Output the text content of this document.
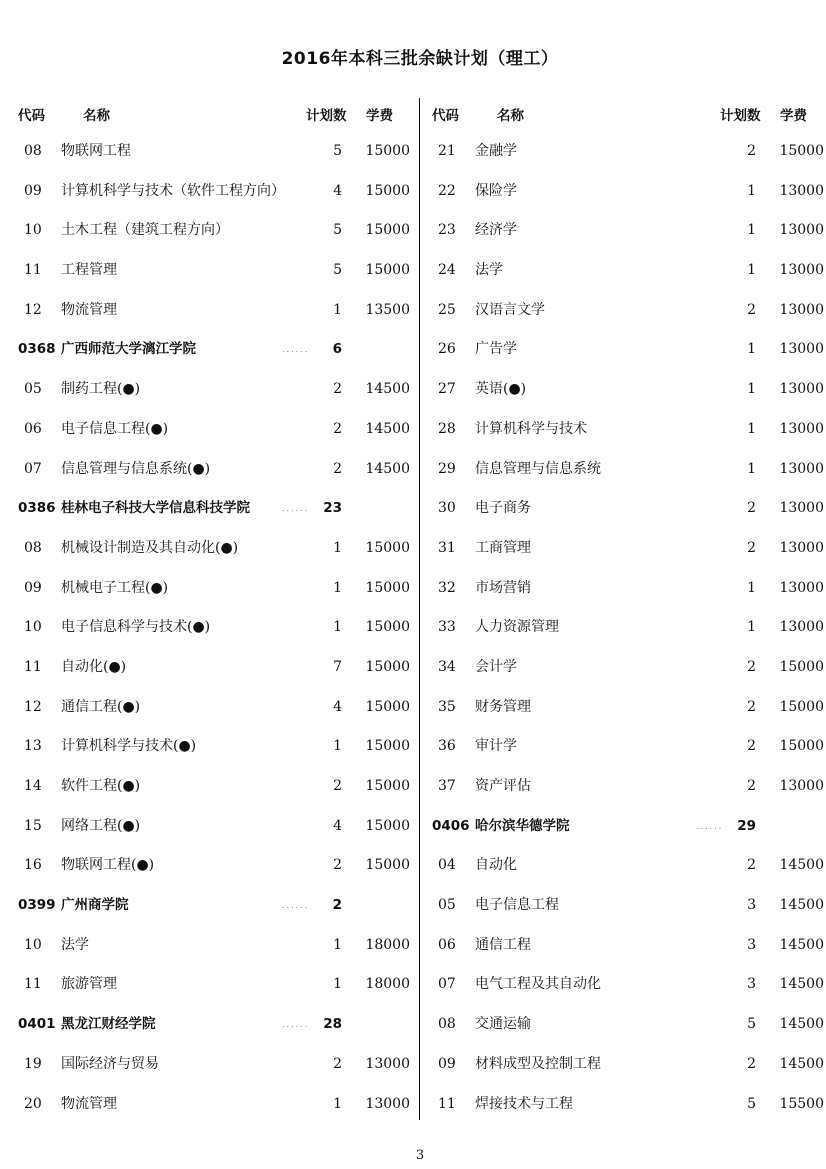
2016年本科三批余缺计划（理工）
代码	名称	计划数 学费
08	物联网工程	5	15000
09	计算机科学与技术（软件工程方向）	4	15000
10	土木工程（建筑工程方向）	5	15000
11	工程管理	5	15000
12	物流管理	1	13500
0368 广西师范大学漓江学院	......	6
05	制药工程(●)	2	14500
06	电子信息工程(●)	2	14500
07	信息管理与信息系统(●)	2	14500
0386 桂林电子科技大学信息科技学院	......	23
08	机械设计制造及其自动化(●)	1	15000
09	机械电子工程(●)	1	15000
10	电子信息科学与技术(●)	1	15000
11	自动化(●)	7	15000
12	通信工程(●)	4	15000
13	计算机科学与技术(●)	1	15000
14	软件工程(●)	2	15000
15	网络工程(●)	4	15000
16	物联网工程(●)	2	15000
0399 广州商学院	......	2
10	法学	1	18000
11	旅游管理	1	18000
0401 黑龙江财经学院	......	28
19	国际经济与贸易	2	13000
20	物流管理	1	13000
代码	名称	计划数 学费
21	金融学	2	15000
22	保险学	1	13000
23	经济学	1	13000
24	法学	1	13000
25	汉语言文学	2	13000
26	广告学	1	13000
27	英语(●)	1	13000
28	计算机科学与技术	1	13000
29	信息管理与信息系统	1	13000
30	电子商务	2	13000
31	工商管理	2	13000
32	市场营销	1	13000
33	人力资源管理	1	13000
34	会计学	2	15000
35	财务管理	2	15000
36	审计学	2	15000
37	资产评估	2	13000
0406 哈尔滨华德学院	......	29
04	自动化	2	14500
05	电子信息工程	3	14500
06	通信工程	3	14500
07	电气工程及其自动化	3	14500
08	交通运输	5	14500
09	材料成型及控制工程	2	14500
11	焊接技术与工程	5	15500
3
